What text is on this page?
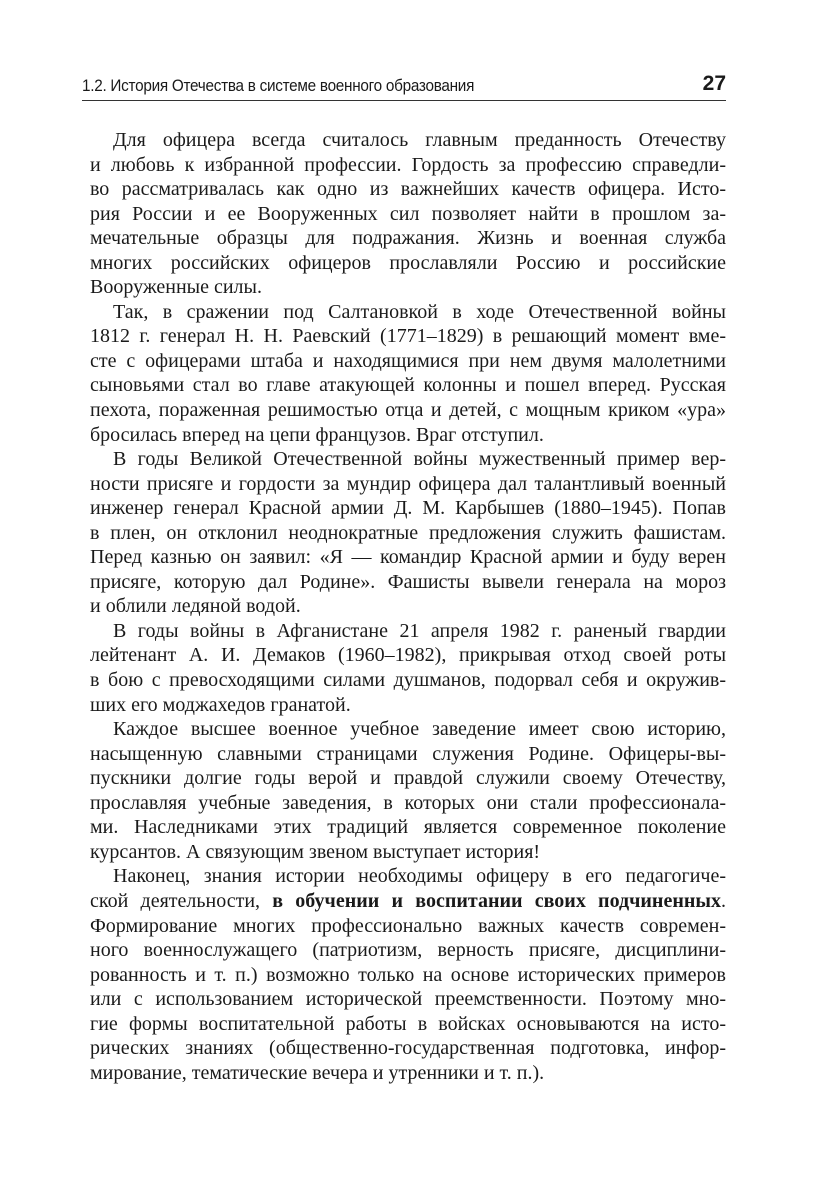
1.2. История Отечества в системе военного образования	27
Для офицера всегда считалось главным преданность Отечеству
и любовь к избранной профессии. Гордость за профессию справедли-
во рассматривалась как одно из важнейших качеств офицера. Исто-
рия России и ее Вооруженных сил позволяет найти в прошлом за-
мечательные образцы для подражания. Жизнь и военная служба
многих российских офицеров прославляли Россию и российские
Вооруженные силы.
Так, в сражении под Салтановкой в ходе Отечественной войны
1812 г. генерал Н. Н. Раевский (1771–1829) в решающий момент вме-
сте с офицерами штаба и находящимися при нем двумя малолетними
сыновьями стал во главе атакующей колонны и пошел вперед. Русская
пехота, пораженная решимостью отца и детей, с мощным криком «ура»
бросилась вперед на цепи французов. Враг отступил.
В годы Великой Отечественной войны мужественный пример вер-
ности присяге и гордости за мундир офицера дал талантливый военный
инженер генерал Красной армии Д. М. Карбышев (1880–1945). Попав
в плен, он отклонил неоднократные предложения служить фашистам.
Перед казнью он заявил: «Я — командир Красной армии и буду верен
присяге, которую дал Родине». Фашисты вывели генерала на мороз
и облили ледяной водой.
В годы войны в Афганистане 21 апреля 1982 г. раненый гвардии
лейтенант А. И. Демаков (1960–1982), прикрывая отход своей роты
в бою с превосходящими силами душманов, подорвал себя и окружив-
ших его моджахедов гранатой.
Каждое высшее военное учебное заведение имеет свою историю,
насыщенную славными страницами служения Родине. Офицеры-вы-
пускники долгие годы верой и правдой служили своему Отечеству,
прославляя учебные заведения, в которых они стали профессионала-
ми. Наследниками этих традиций является современное поколение
курсантов. А связующим звеном выступает история!
Наконец, знания истории необходимы офицеру в его педагогиче-
ской деятельности, в обучении и воспитании своих подчиненных.
Формирование многих профессионально важных качеств современ-
ного военнослужащего (патриотизм, верность присяге, дисциплини-
рованность и т. п.) возможно только на основе исторических примеров
или с использованием исторической преемственности. Поэтому мно-
гие формы воспитательной работы в войсках основываются на исто-
рических знаниях (общественно-государственная подготовка, инфор-
мирование, тематические вечера и утренники и т. п.).
